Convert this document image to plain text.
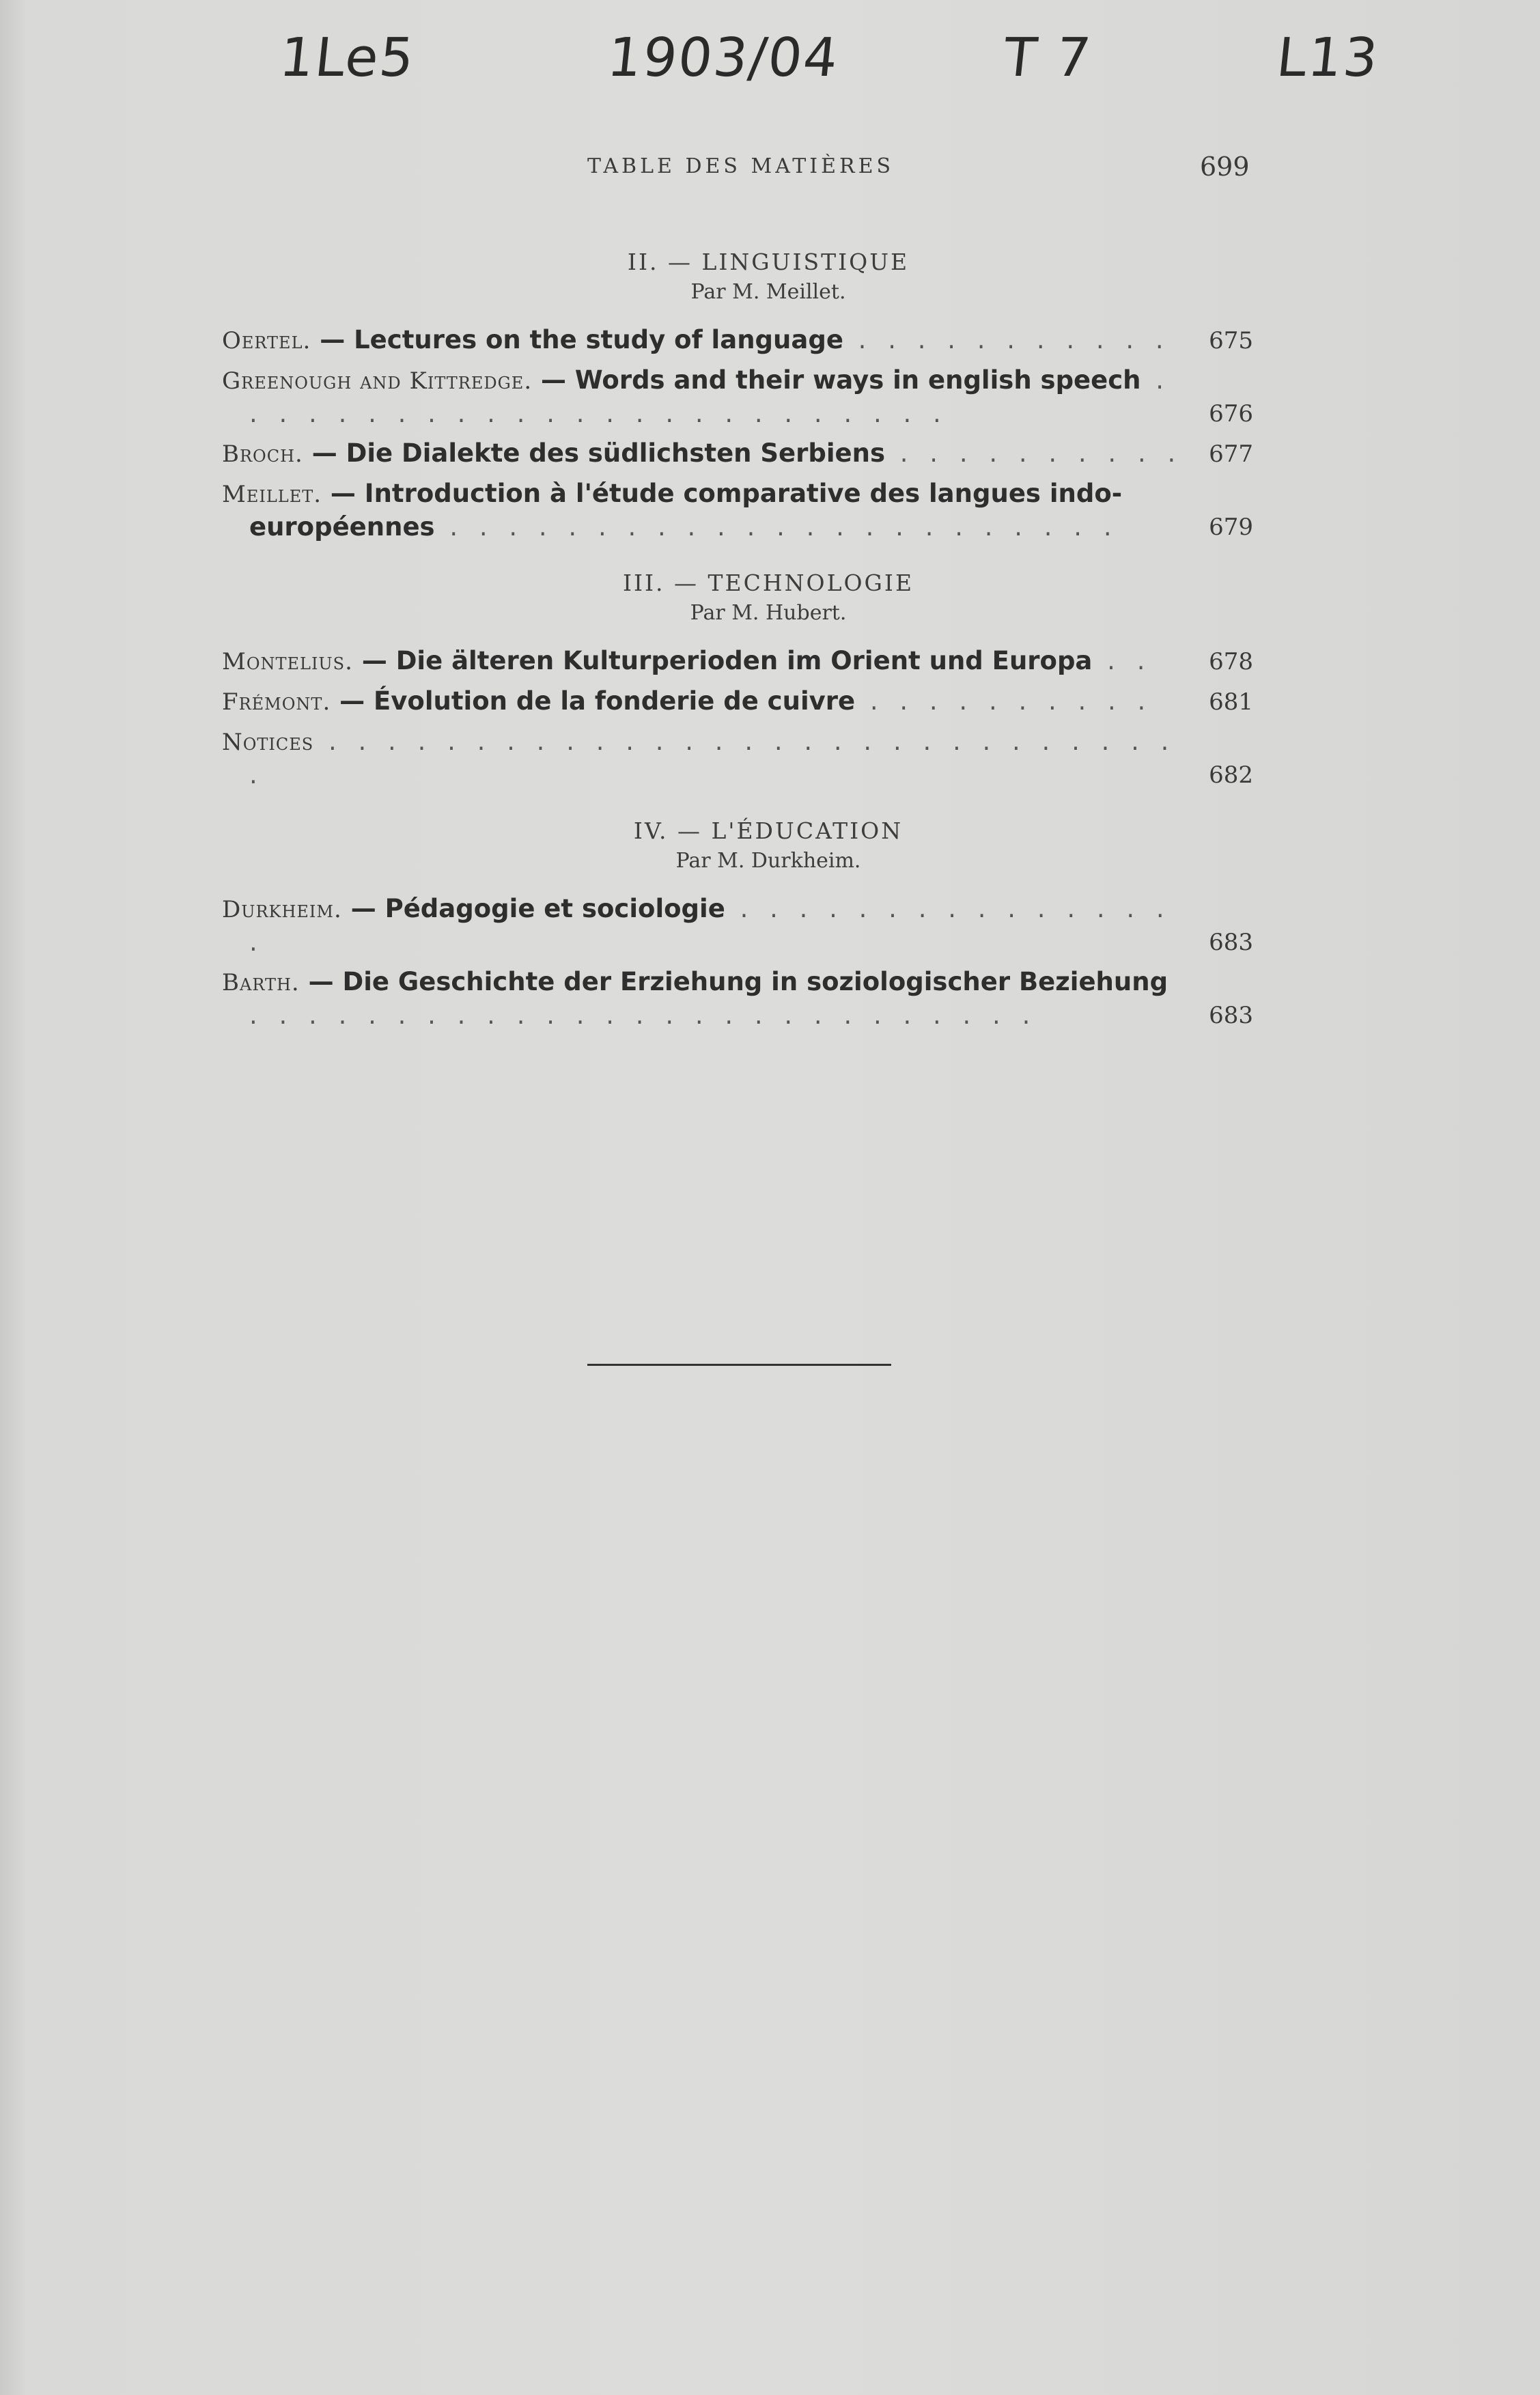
1Le5	1903/04	T 7	L13
TABLE DES MATIÈRES	699
II. — LINGUISTIQUE
Par M. Meillet.
Oertel. — Lectures on the study of language . . . . . . . . . . .	675
Greenough and Kittredge. — Words and their ways in english speech . . . . . . . . . . . . . . . . . . . . . . . . .	676
Broch. — Die Dialekte des südlichsten Serbiens . . . . . . . . . .	677
Meillet. — Introduction à l'étude comparative des langues indo-européennes . . . . . . . . . . . . . . . . . . . . . . .	679
III. — TECHNOLOGIE
Par M. Hubert.
Montelius. — Die älteren Kulturperioden im Orient und Europa . .	678
Frémont. — Évolution de la fonderie de cuivre . . . . . . . . . .	681
Notices . . . . . . . . . . . . . . . . . . . . . . . . . . . . . .	682
IV. — L'ÉDUCATION
Par M. Durkheim.
Durkheim. — Pédagogie et sociologie . . . . . . . . . . . . . . . .	683
Barth. — Die Geschichte der Erziehung in soziologischer Beziehung . . . . . . . . . . . . . . . . . . . . . . . . . . .	683
